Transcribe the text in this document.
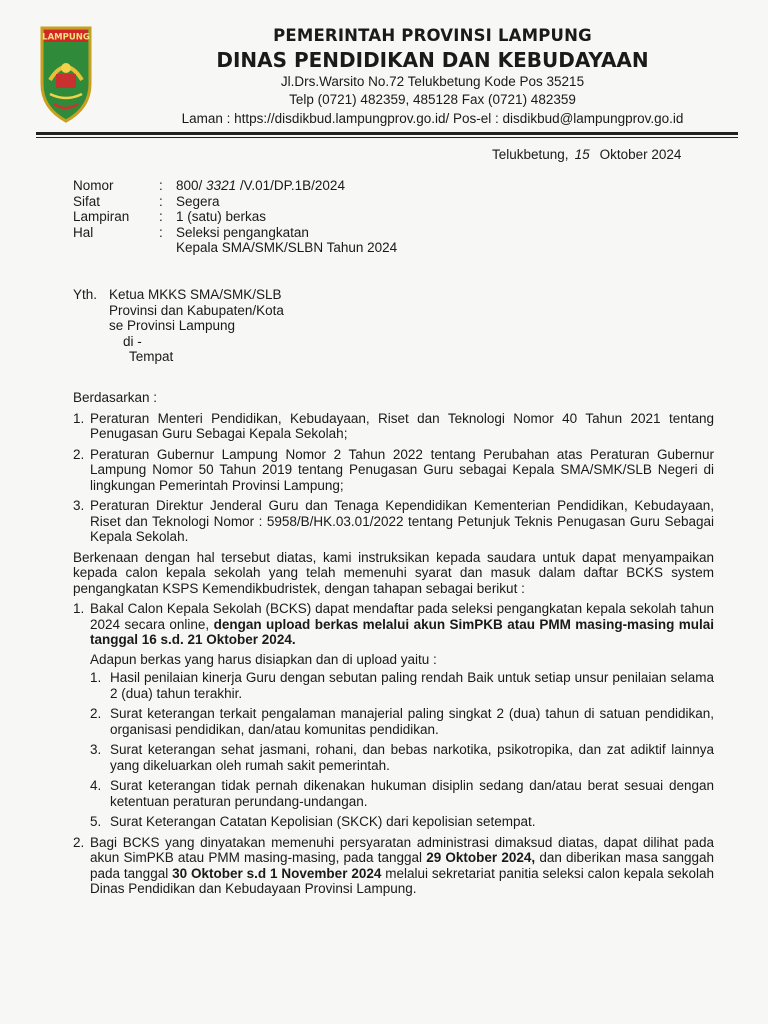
LAMPUNG	PEMERINTAH PROVINSI LAMPUNG
DINAS PENDIDIKAN DAN KEBUDAYAAN
Jl.Drs.Warsito No.72 Telukbetung Kode Pos 35215
Telp (0721) 482359, 485128 Fax (0721) 482359
Laman : https://disdikbud.lampungprov.go.id/ Pos-el : disdikbud@lampungprov.go.id
Telukbetung, 15 Oktober 2024
Nomor	: 800/ 3321 /V.01/DP.1B/2024
Sifat	: Segera
Lampiran	: 1 (satu) berkas
Hal	: Seleksi pengangkatan
Kepala SMA/SMK/SLBN Tahun 2024
Yth. Ketua MKKS SMA/SMK/SLB
Provinsi dan Kabupaten/Kota
se Provinsi Lampung
di -
Tempat

Berdasarkan :

1. Peraturan Menteri Pendidikan, Kebudayaan, Riset dan Teknologi Nomor 40 Tahun 2021 tentang Penugasan Guru Sebagai Kepala Sekolah;
2. Peraturan Gubernur Lampung Nomor 2 Tahun 2022 tentang Perubahan atas Peraturan Gubernur Lampung Nomor 50 Tahun 2019 tentang Penugasan Guru sebagai Kepala SMA/SMK/SLB Negeri di lingkungan Pemerintah Provinsi Lampung;
3. Peraturan Direktur Jenderal Guru dan Tenaga Kependidikan Kementerian Pendidikan, Kebudayaan, Riset dan Teknologi Nomor : 5958/B/HK.03.01/2022 tentang Petunjuk Teknis Penugasan Guru Sebagai Kepala Sekolah.

Berkenaan dengan hal tersebut diatas, kami instruksikan kepada saudara untuk dapat menyampaikan kepada calon kepala sekolah yang telah memenuhi syarat dan masuk dalam daftar BCKS system pengangkatan KSPS Kemendikbudristek, dengan tahapan sebagai berikut :

1. Bakal Calon Kepala Sekolah (BCKS) dapat mendaftar pada seleksi pengangkatan kepala sekolah tahun 2024 secara online, dengan upload berkas melalui akun SimPKB atau PMM masing-masing mulai tanggal 16 s.d. 21 Oktober 2024.

Adapun berkas yang harus disiapkan dan di upload yaitu :

1. Hasil penilaian kinerja Guru dengan sebutan paling rendah Baik untuk setiap unsur penilaian selama 2 (dua) tahun terakhir.
2. Surat keterangan terkait pengalaman manajerial paling singkat 2 (dua) tahun di satuan pendidikan, organisasi pendidikan, dan/atau komunitas pendidikan.
3. Surat keterangan sehat jasmani, rohani, dan bebas narkotika, psikotropika, dan zat adiktif lainnya yang dikeluarkan oleh rumah sakit pemerintah.
4. Surat keterangan tidak pernah dikenakan hukuman disiplin sedang dan/atau berat sesuai dengan ketentuan peraturan perundang-undangan.
5. Surat Keterangan Catatan Kepolisian (SKCK) dari kepolisian setempat.
2. Bagi BCKS yang dinyatakan memenuhi persyaratan administrasi dimaksud diatas, dapat dilihat pada akun SimPKB atau PMM masing-masing, pada tanggal 29 Oktober 2024, dan diberikan masa sanggah pada tanggal 30 Oktober s.d 1 November 2024 melalui sekretariat panitia seleksi calon kepala sekolah Dinas Pendidikan dan Kebudayaan Provinsi Lampung.
